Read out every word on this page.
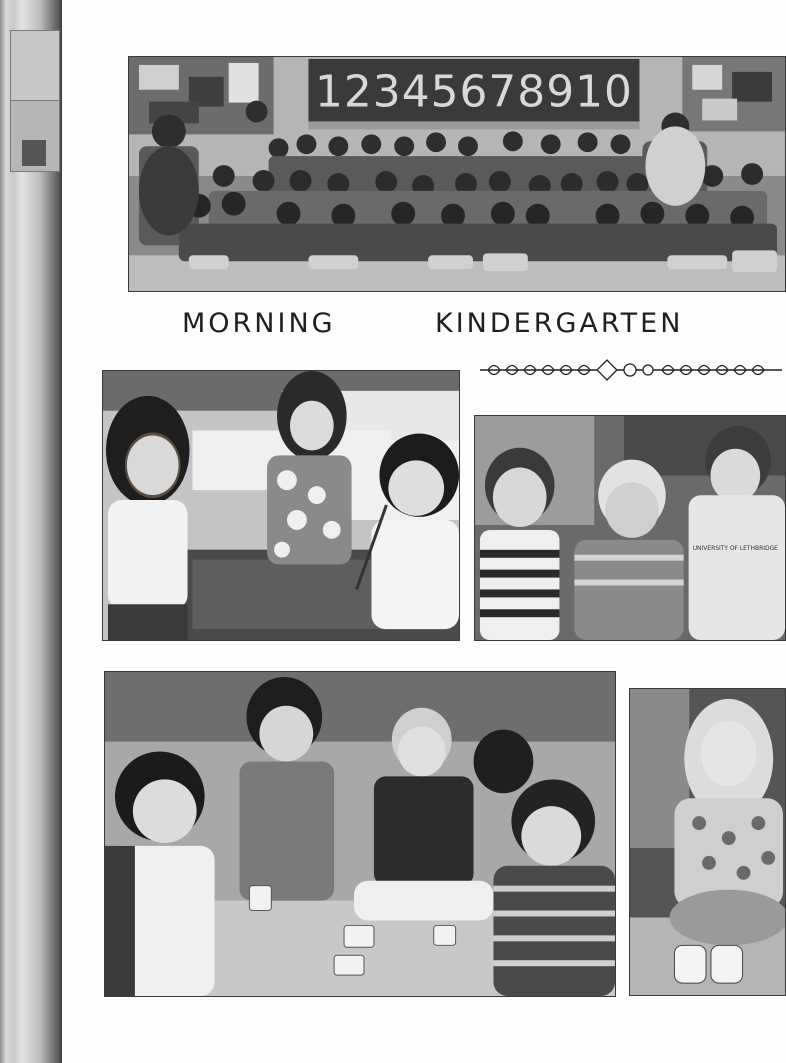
12345678910
MORNING	KINDERGARTEN
UNIVERSITY OF LETHBRIDGE
